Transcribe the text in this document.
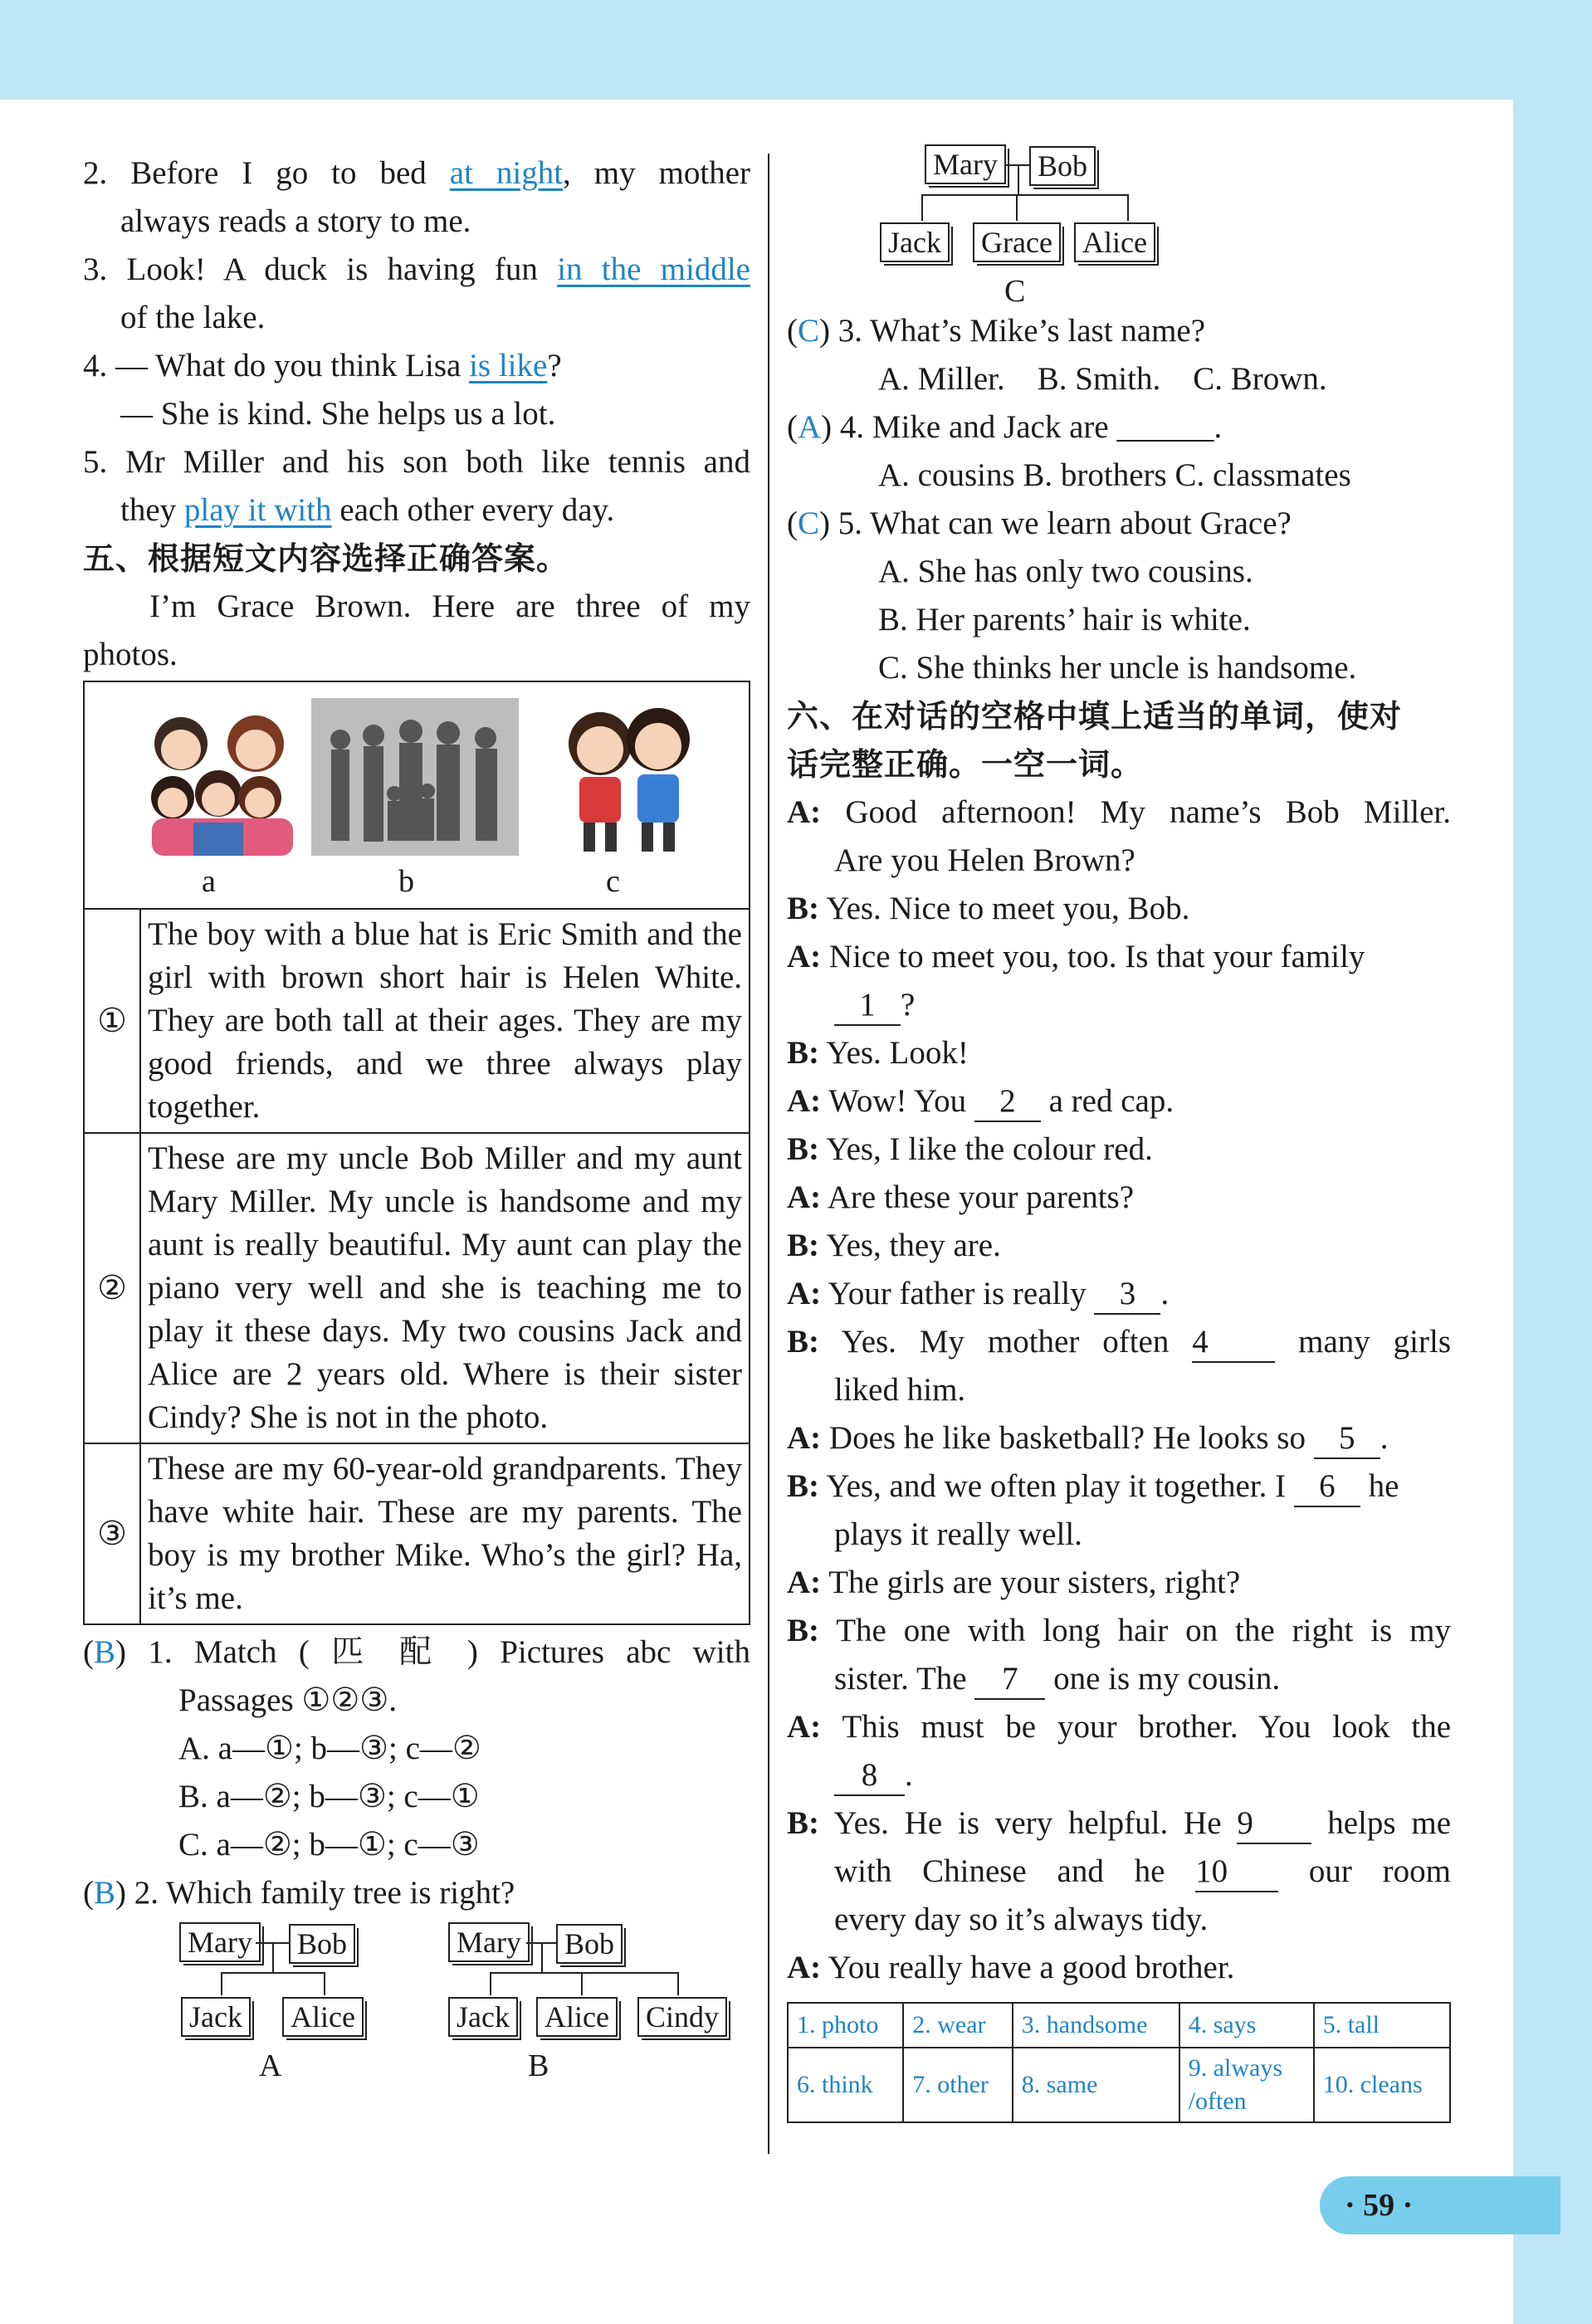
2. Before I go to bed at night, my mother
always reads a story to me.
3. Look! A duck is having fun in the middle
of the lake.
4. — What do you think Lisa is like?
— She is kind. She helps us a lot.
5. Mr Miller and his son both like tennis and
they play it with each other every day.
五、根据短文内容选择正确答案。
I’m Grace Brown. Here are three of my
photos.
a b c	

①	The boy with a blue hat is Eric Smith and the girl with brown short hair is Helen White. They are both tall at their ages. They are my good friends, and we three always play together.
②	These are my uncle Bob Miller and my aunt Mary Miller. My uncle is handsome and my aunt is really beautiful. My aunt can play the piano very well and she is teaching me to play it these days. My two cousins Jack and Alice are 2 years old. Where is their sister Cindy? She is not in the photo.
③	These are my 60-year-old grandparents. They have white hair. These are my parents. The boy is my brother Mike. Who’s the girl? Ha, it’s me.
(B) 1. Match ( 匹 配 ) Pictures abc with
Passages ①②③.
A. a—①; b—③; c—②
B. a—②; b—③; c—①
C. a—②; b—①; c—③
(B) 2. Which family tree is right?
Mary Bob
Jack Alice
A
Mary Bob
Jack Alice Cindy
B
Mary Bob
Jack Grace Alice
C
(C) 3. What’s Mike’s last name?
A. Miller.    B. Smith.    C. Brown.
(A) 4. Mike and Jack are ______.
A. cousins B. brothers C. classmates
(C) 5. What can we learn about Grace?
A. She has only two cousins.
B. Her parents’ hair is white.
C. She thinks her uncle is handsome.
六、在对话的空格中填上适当的单词，使对
话完整正确。一空一词。
A: Good afternoon! My name’s Bob Miller.
Are you Helen Brown?
B: Yes. Nice to meet you, Bob.
A: Nice to meet you, too. Is that your family
1 ?
B: Yes. Look!
A: Wow! You 2 a red cap.
B: Yes, I like the colour red.
A: Are these your parents?
B: Yes, they are.
A: Your father is really 3 .
B: Yes. My mother often 4	many girls
liked him.
A: Does he like basketball? He looks so 5 .
B: Yes, and we often play it together. I 6 he
plays it really well.
A: The girls are your sisters, right?
B: The one with long hair on the right is my
sister. The 7 one is my cousin.
A: This must be your brother. You look the
8 .
B: Yes. He is very helpful. He 9 helps me
with Chinese and he 10	our room
every day so it’s always tidy.
A: You really have a good brother.
1. photo	2. wear	3. handsome	4. says	5. tall
6. think	7. other	8. same	9. always /often	10. cleans
· 59 ·
